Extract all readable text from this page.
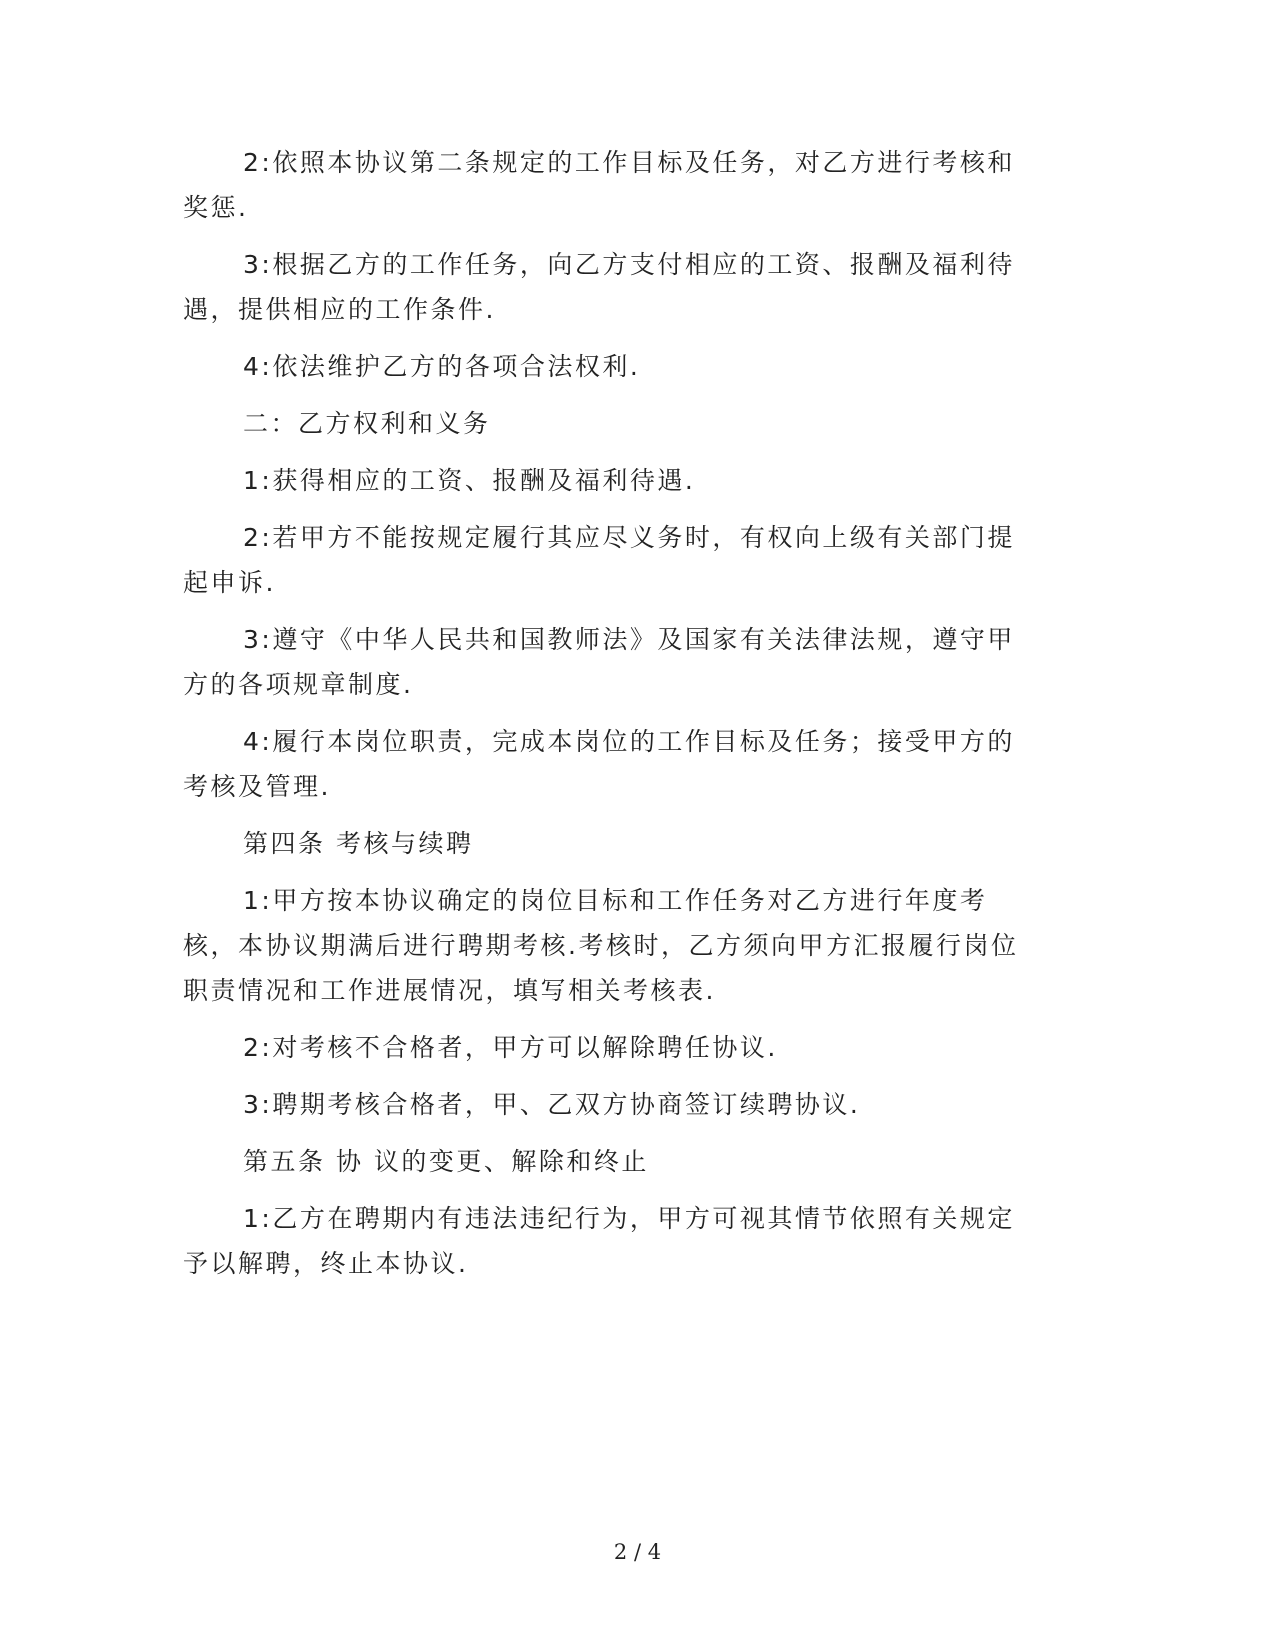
2:依照本协议第二条规定的工作目标及任务，对乙方进行考核和奖惩.

3:根据乙方的工作任务，向乙方支付相应的工资、报酬及福利待遇，提供相应的工作条件.

4:依法维护乙方的各项合法权利.

二：乙方权利和义务

1:获得相应的工资、报酬及福利待遇.

2:若甲方不能按规定履行其应尽义务时，有权向上级有关部门提起申诉.

3:遵守《中华人民共和国教师法》及国家有关法律法规，遵守甲方的各项规章制度.

4:履行本岗位职责，完成本岗位的工作目标及任务；接受甲方的考核及管理.

第四条 考核与续聘

1:甲方按本协议确定的岗位目标和工作任务对乙方进行年度考核，本协议期满后进行聘期考核.考核时，乙方须向甲方汇报履行岗位职责情况和工作进展情况，填写相关考核表.

2:对考核不合格者，甲方可以解除聘任协议.

3:聘期考核合格者，甲、乙双方协商签订续聘协议.

第五条 协 议的变更、解除和终止

1:乙方在聘期内有违法违纪行为，甲方可视其情节依照有关规定予以解聘，终止本协议.

2 / 4
